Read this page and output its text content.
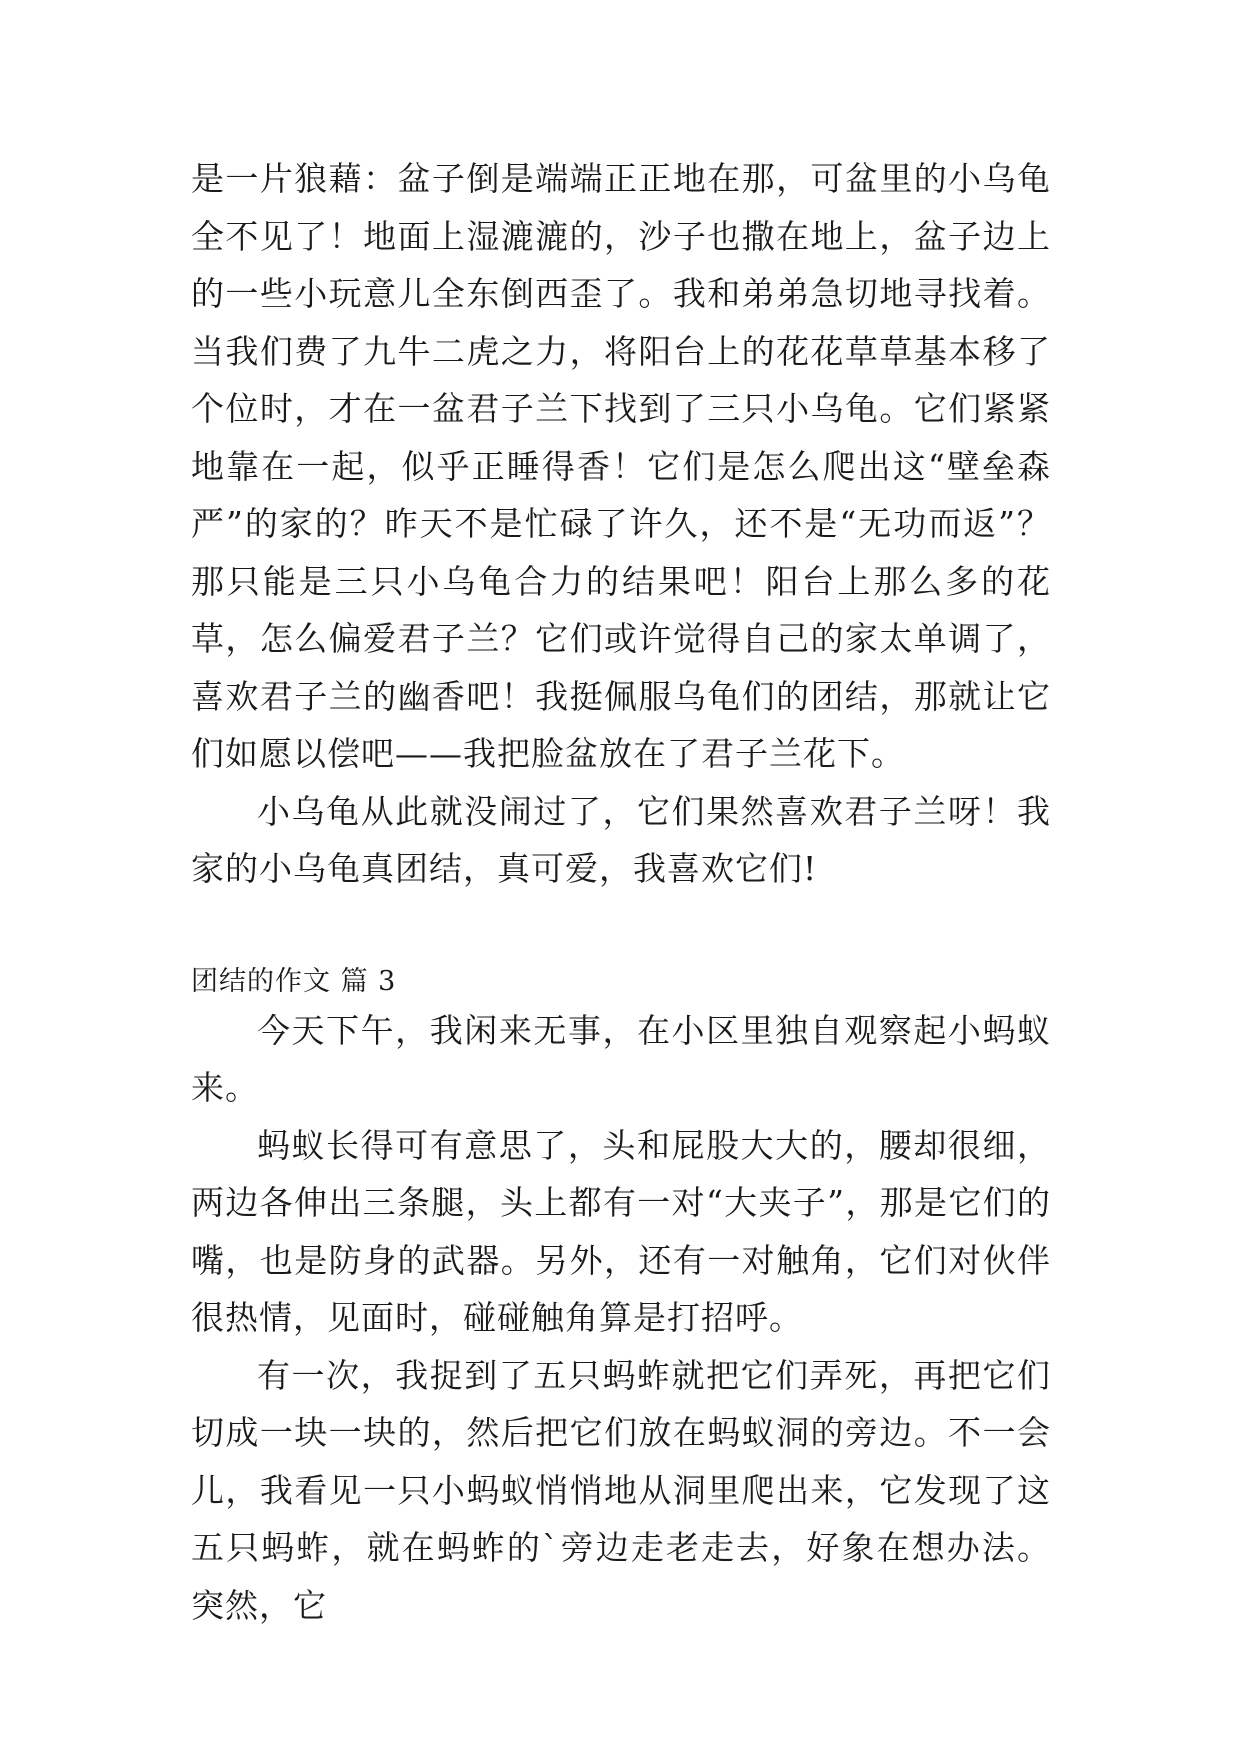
是一片狼藉：盆子倒是端端正正地在那，可盆里的小乌龟全不见了！地面上湿漉漉的，沙子也撒在地上，盆子边上的一些小玩意儿全东倒西歪了。我和弟弟急切地寻找着。当我们费了九牛二虎之力，将阳台上的花花草草基本移了个位时，才在一盆君子兰下找到了三只小乌龟。它们紧紧地靠在一起，似乎正睡得香！它们是怎么爬出这“壁垒森严”的家的？昨天不是忙碌了许久，还不是“无功而返”？那只能是三只小乌龟合力的结果吧！阳台上那么多的花草，怎么偏爱君子兰？它们或许觉得自己的家太单调了，喜欢君子兰的幽香吧！我挺佩服乌龟们的团结，那就让它们如愿以偿吧——我把脸盆放在了君子兰花下。

小乌龟从此就没闹过了，它们果然喜欢君子兰呀！我家的小乌龟真团结，真可爱，我喜欢它们!

团结的作文 篇 3

今天下午，我闲来无事，在小区里独自观察起小蚂蚁来。

蚂蚁长得可有意思了，头和屁股大大的，腰却很细，两边各伸出三条腿，头上都有一对“大夹子”，那是它们的嘴，也是防身的武器。另外，还有一对触角，它们对伙伴很热情，见面时，碰碰触角算是打招呼。

有一次，我捉到了五只蚂蚱就把它们弄死，再把它们切成一块一块的，然后把它们放在蚂蚁洞的旁边。不一会儿，我看见一只小蚂蚁悄悄地从洞里爬出来，它发现了这五只蚂蚱，就在蚂蚱的`旁边走老走去，好象在想办法。突然，它
